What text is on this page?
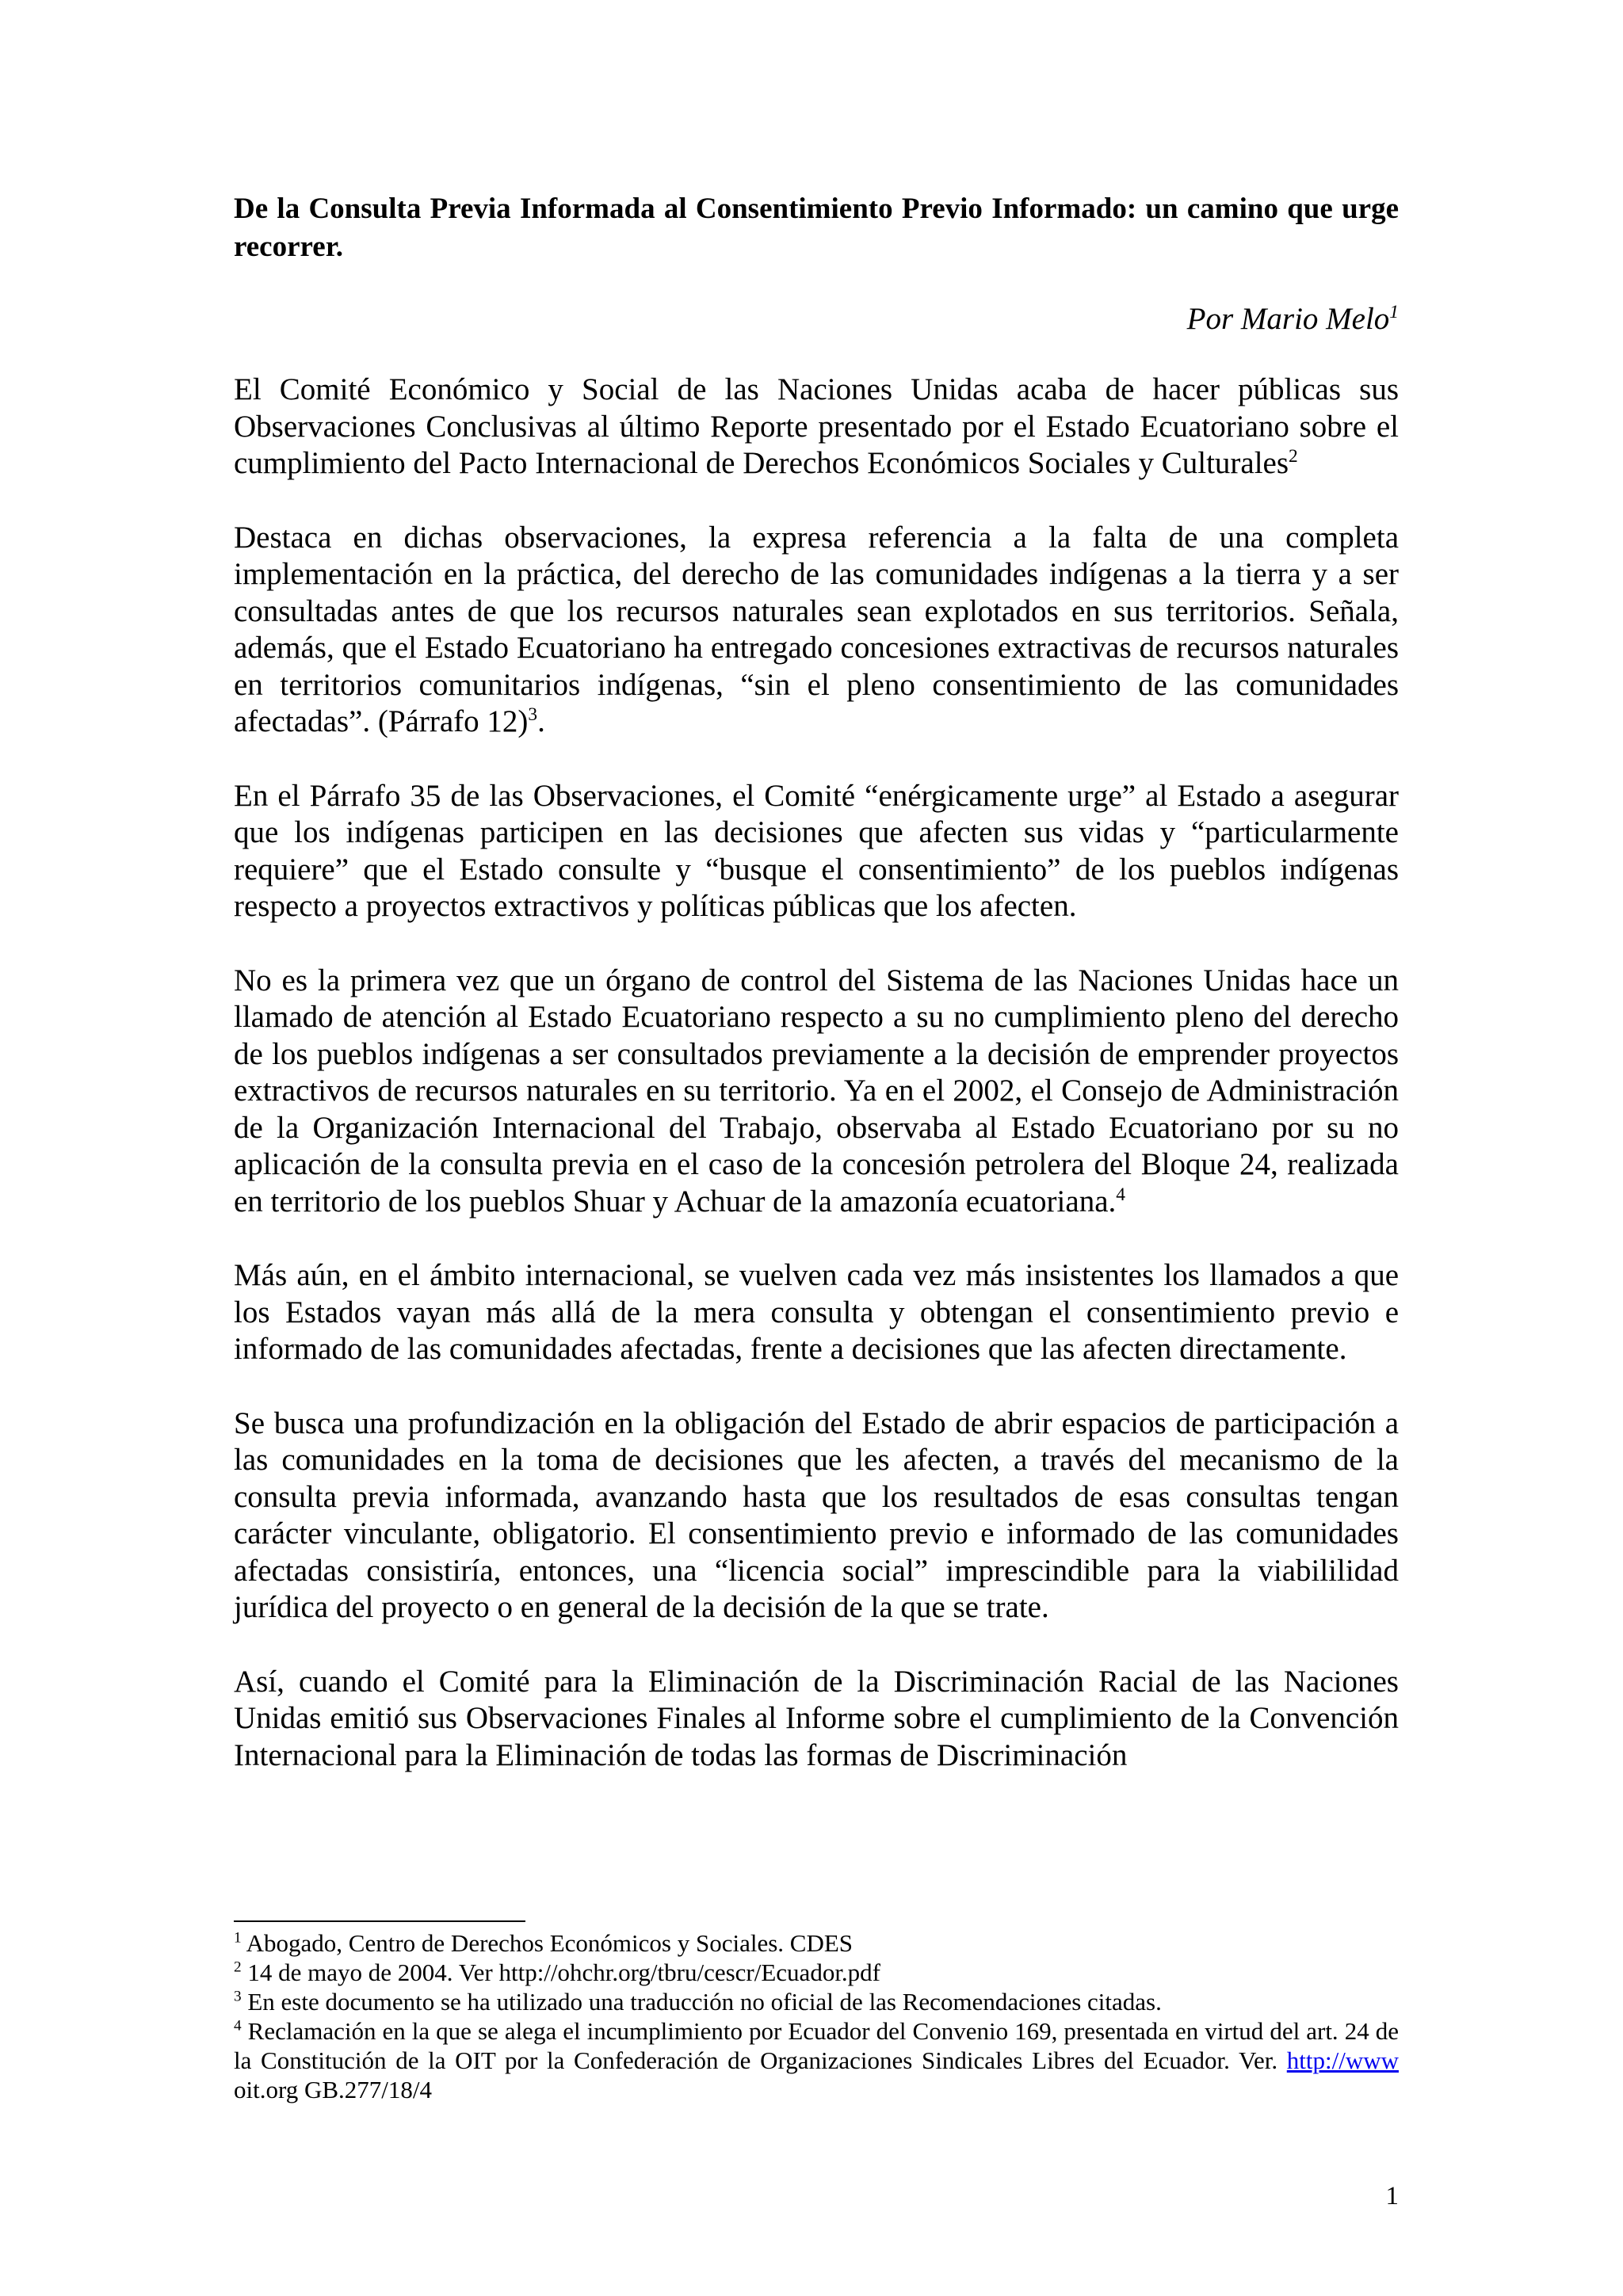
De la Consulta Previa Informada al Consentimiento Previo Informado: un camino que urge recorrer.

Por Mario Melo$^1$

El Comité Económico y Social de las Naciones Unidas acaba de hacer públicas sus Observaciones Conclusivas al último Reporte presentado por el Estado Ecuatoriano sobre el cumplimiento del Pacto Internacional de Derechos Económicos Sociales y Culturales$^2$

Destaca en dichas observaciones, la expresa referencia a la falta de una completa implementación en la práctica, del derecho de las comunidades indígenas a la tierra y a ser consultadas antes de que los recursos naturales sean explotados en sus territorios. Señala, además, que el Estado Ecuatoriano ha entregado concesiones extractivas de recursos naturales en territorios comunitarios indígenas, “sin el pleno consentimiento de las comunidades afectadas”. (Párrafo 12)$^3$.

En el Párrafo 35 de las Observaciones, el Comité “enérgicamente urge” al Estado a asegurar que los indígenas participen en las decisiones que afecten sus vidas y “particularmente requiere” que el Estado consulte y “busque el consentimiento” de los pueblos indígenas respecto a proyectos extractivos y políticas públicas que los afecten.

No es la primera vez que un órgano de control del Sistema de las Naciones Unidas hace un llamado de atención al Estado Ecuatoriano respecto a su no cumplimiento pleno del derecho de los pueblos indígenas a ser consultados previamente a la decisión de emprender proyectos extractivos de recursos naturales en su territorio. Ya en el 2002, el Consejo de Administración de la Organización Internacional del Trabajo, observaba al Estado Ecuatoriano por su no aplicación de la consulta previa en el caso de la concesión petrolera del Bloque 24, realizada en territorio de los pueblos Shuar y Achuar de la amazonía ecuatoriana.$^4$

Más aún, en el ámbito internacional, se vuelven cada vez más insistentes los llamados a que los Estados vayan más allá de la mera consulta y obtengan el consentimiento previo e informado de las comunidades afectadas, frente a decisiones que las afecten directamente.

Se busca una profundización en la obligación del Estado de abrir espacios de participación a las comunidades en la toma de decisiones que les afecten, a través del mecanismo de la consulta previa informada, avanzando hasta que los resultados de esas consultas tengan carácter vinculante, obligatorio. El consentimiento previo e informado de las comunidades afectadas consistiría, entonces, una “licencia social” imprescindible para la viabililidad jurídica del proyecto o en general de la decisión de la que se trate.

Así, cuando el Comité para la Eliminación de la Discriminación Racial de las Naciones Unidas emitió sus Observaciones Finales al Informe sobre el cumplimiento de la Convención Internacional para la Eliminación de todas las formas de Discriminación

$^1$ Abogado, Centro de Derechos Económicos y Sociales. CDES

$^2$ 14 de mayo de 2004. Ver http://ohchr.org/tbru/cescr/Ecuador.pdf

$^3$ En este documento se ha utilizado una traducción no oficial de las Recomendaciones citadas.

$^4$ Reclamación en la que se alega el incumplimiento por Ecuador del Convenio 169, presentada en virtud del art. 24 de la Constitución de la OIT por la Confederación de Organizaciones Sindicales Libres del Ecuador. Ver. http://www oit.org GB.277/18/4

1
